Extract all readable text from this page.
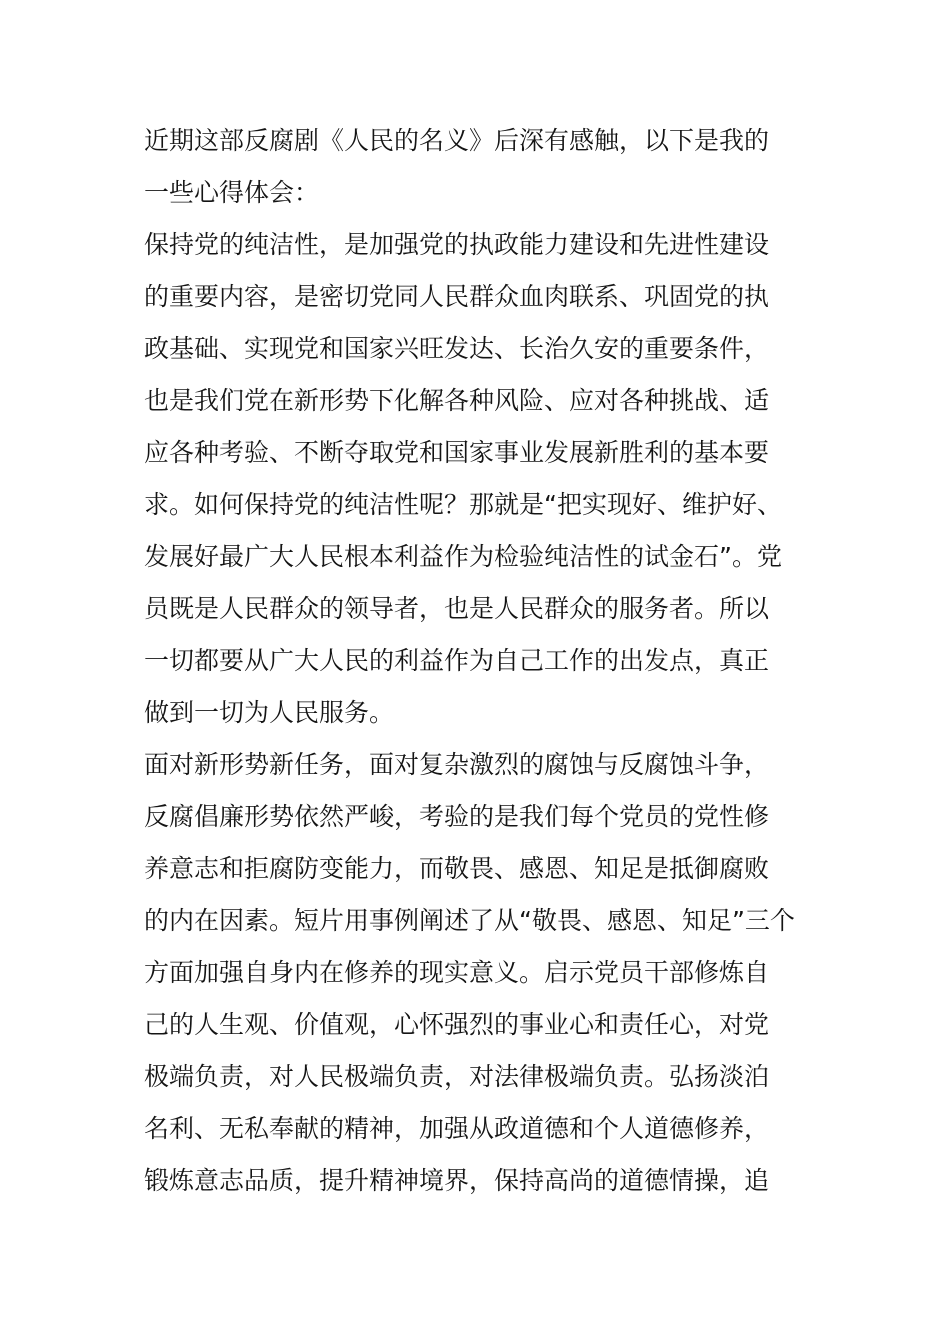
近期这部反腐剧《人民的名义》后深有感触，以下是我的
一些心得体会：
保持党的纯洁性，是加强党的执政能力建设和先进性建设
的重要内容，是密切党同人民群众血肉联系、巩固党的执
政基础、实现党和国家兴旺发达、长治久安的重要条件，
也是我们党在新形势下化解各种风险、应对各种挑战、适
应各种考验、不断夺取党和国家事业发展新胜利的基本要
求。如何保持党的纯洁性呢？那就是“把实现好、维护好、
发展好最广大人民根本利益作为检验纯洁性的试金石”。党
员既是人民群众的领导者，也是人民群众的服务者。所以
一切都要从广大人民的利益作为自己工作的出发点，真正
做到一切为人民服务。
面对新形势新任务，面对复杂激烈的腐蚀与反腐蚀斗争，
反腐倡廉形势依然严峻，考验的是我们每个党员的党性修
养意志和拒腐防变能力，而敬畏、感恩、知足是抵御腐败
的内在因素。短片用事例阐述了从“敬畏、感恩、知足”三个
方面加强自身内在修养的现实意义。启示党员干部修炼自
己的人生观、价值观，心怀强烈的事业心和责任心，对党
极端负责，对人民极端负责，对法律极端负责。弘扬淡泊
名利、无私奉献的精神，加强从政道德和个人道德修养，
锻炼意志品质，提升精神境界，保持高尚的道德情操，追
